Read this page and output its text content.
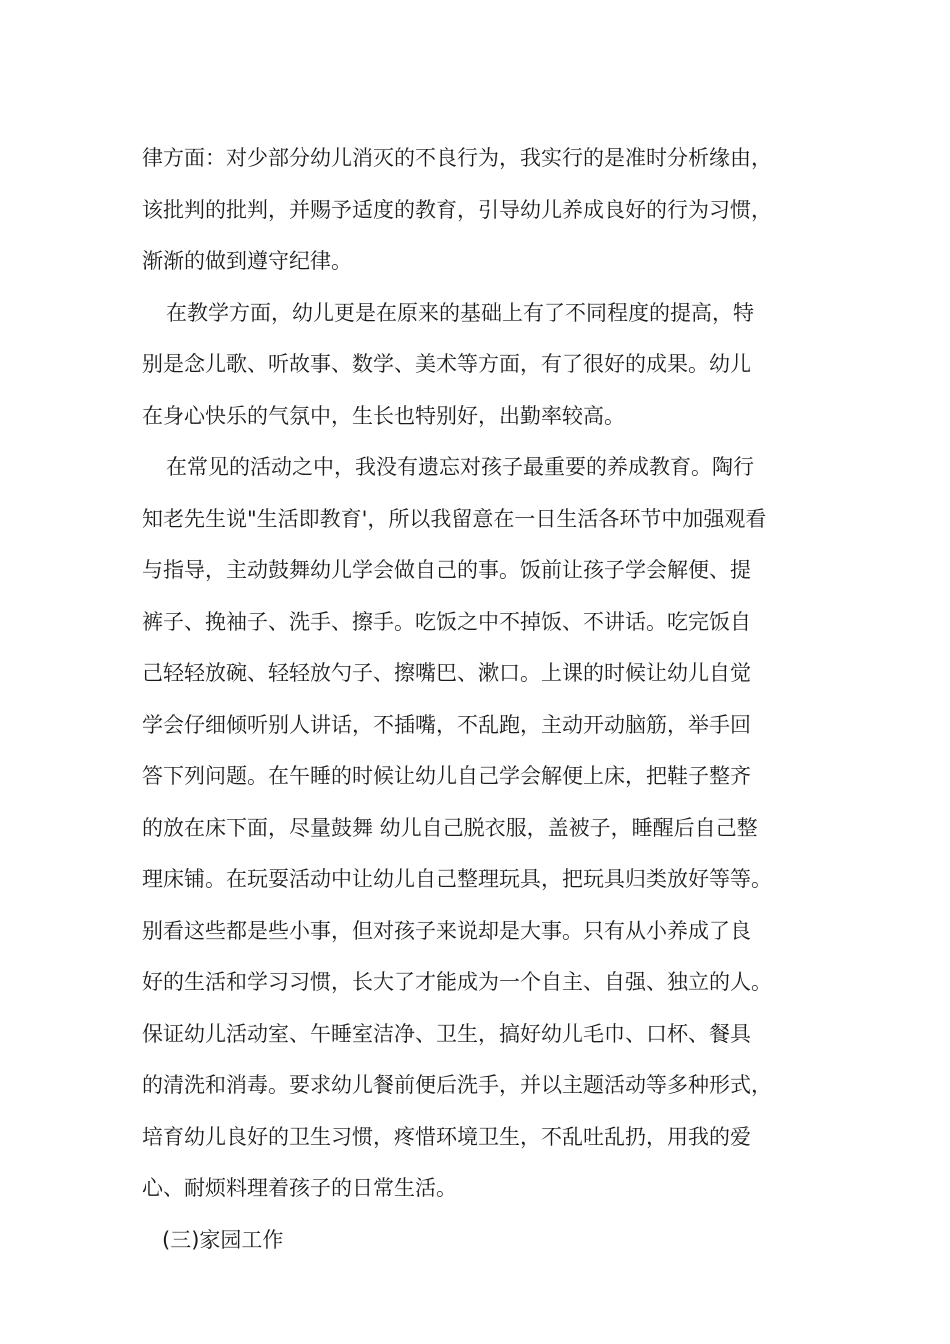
律方面：对少部分幼儿消灭的不良行为，我实行的是准时分析缘由，
该批判的批判，并赐予适度的教育，引导幼儿养成良好的行为习惯，
渐渐的做到遵守纪律。

在教学方面，幼儿更是在原来的基础上有了不同程度的提高，特
别是念儿歌、听故事、数学、美术等方面，有了很好的成果。幼儿
在身心快乐的气氛中，生长也特别好，出勤率较高。

在常见的活动之中，我没有遗忘对孩子最重要的养成教育。陶行
知老先生说"生活即教育'，所以我留意在一日生活各环节中加强观看
与指导，主动鼓舞幼儿学会做自己的事。饭前让孩子学会解便、提
裤子、挽袖子、洗手、擦手。吃饭之中不掉饭、不讲话。吃完饭自
己轻轻放碗、轻轻放勺子、擦嘴巴、漱口。上课的时候让幼儿自觉
学会仔细倾听别人讲话，不插嘴，不乱跑，主动开动脑筋，举手回
答下列问题。在午睡的时候让幼儿自己学会解便上床，把鞋子整齐
的放在床下面，尽量鼓舞 幼儿自己脱衣服，盖被子，睡醒后自己整
理床铺。在玩耍活动中让幼儿自己整理玩具，把玩具归类放好等等。
别看这些都是些小事，但对孩子来说却是大事。只有从小养成了良
好的生活和学习习惯，长大了才能成为一个自主、自强、独立的人。
保证幼儿活动室、午睡室洁净、卫生，搞好幼儿毛巾、口杯、餐具
的清洗和消毒。要求幼儿餐前便后洗手，并以主题活动等多种形式，
培育幼儿良好的卫生习惯，疼惜环境卫生，不乱吐乱扔，用我的爱
心、耐烦料理着孩子的日常生活。

(三)家园工作
